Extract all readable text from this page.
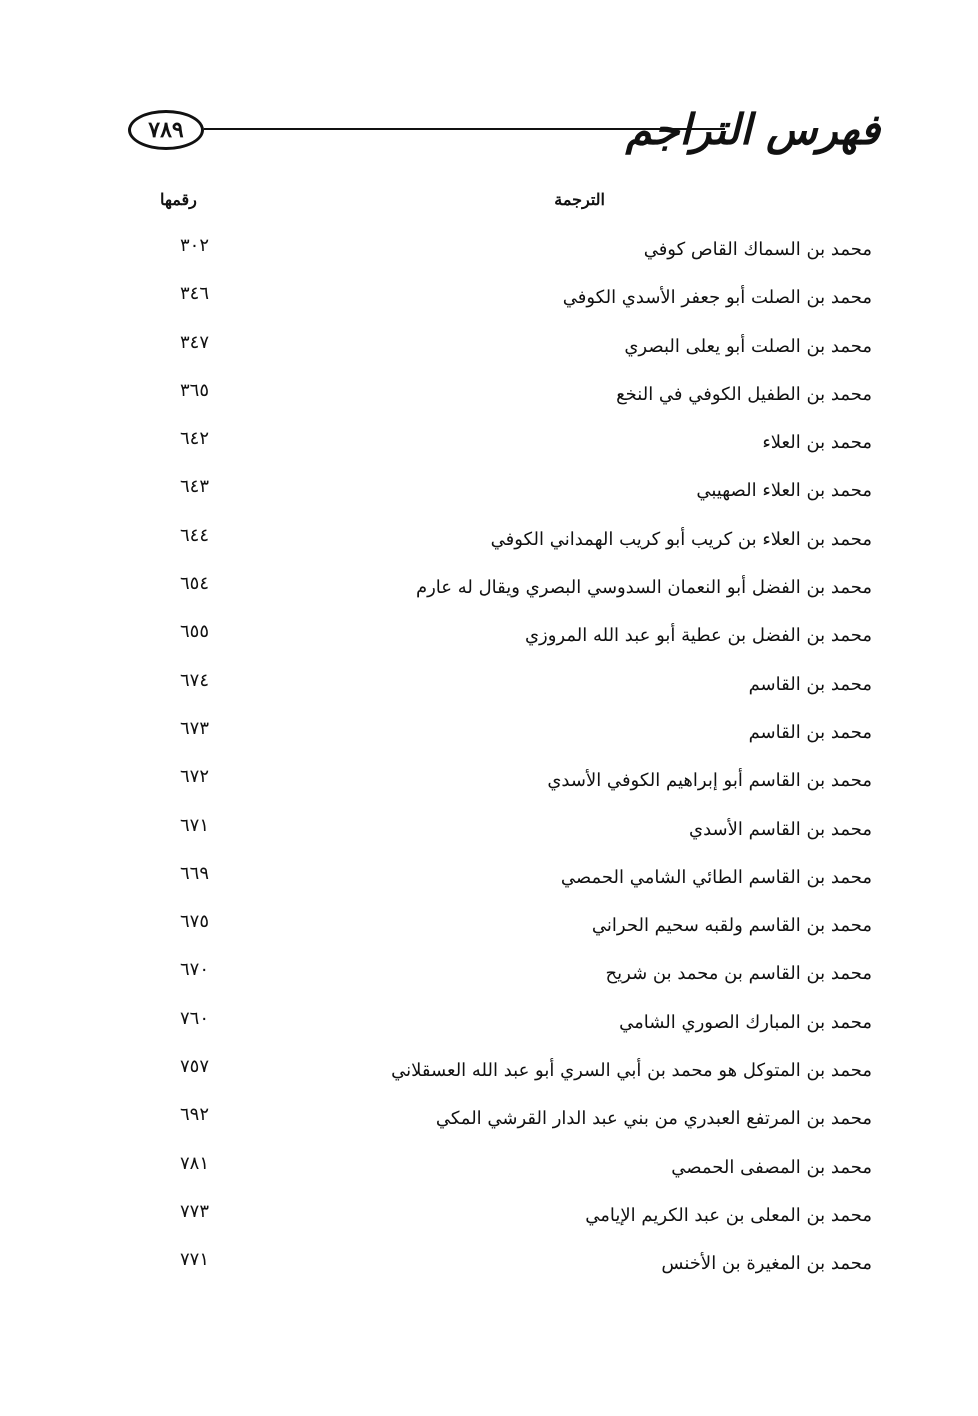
٧٨٩	فهرس التراجم
الترجمة
رقمها
محمد بن السماك القاص كوفي
٣٠٢
محمد بن الصلت أبو جعفر الأسدي الكوفي
٣٤٦
محمد بن الصلت أبو يعلى البصري
٣٤٧
محمد بن الطفيل الكوفي في النخع
٣٦٥
محمد بن العلاء
٦٤٢
محمد بن العلاء الصهيبي
٦٤٣
محمد بن العلاء بن كريب أبو كريب الهمداني الكوفي
٦٤٤
محمد بن الفضل أبو النعمان السدوسي البصري ويقال له عارم
٦٥٤
محمد بن الفضل بن عطية أبو عبد الله المروزي
٦٥٥
محمد بن القاسم
٦٧٤
محمد بن القاسم
٦٧٣
محمد بن القاسم أبو إبراهيم الكوفي الأسدي
٦٧٢
محمد بن القاسم الأسدي
٦٧١
محمد بن القاسم الطائي الشامي الحمصي
٦٦٩
محمد بن القاسم ولقبه سحيم الحراني
٦٧٥
محمد بن القاسم بن محمد بن شريح
٦٧٠
محمد بن المبارك الصوري الشامي
٧٦٠
محمد بن المتوكل هو محمد بن أبي السري أبو عبد الله العسقلاني
٧٥٧
محمد بن المرتفع العبدري من بني عبد الدار القرشي المكي
٦٩٢
محمد بن المصفى الحمصي
٧٨١
محمد بن المعلى بن عبد الكريم الإيامي
٧٧٣
محمد بن المغيرة بن الأخنس
٧٧١
